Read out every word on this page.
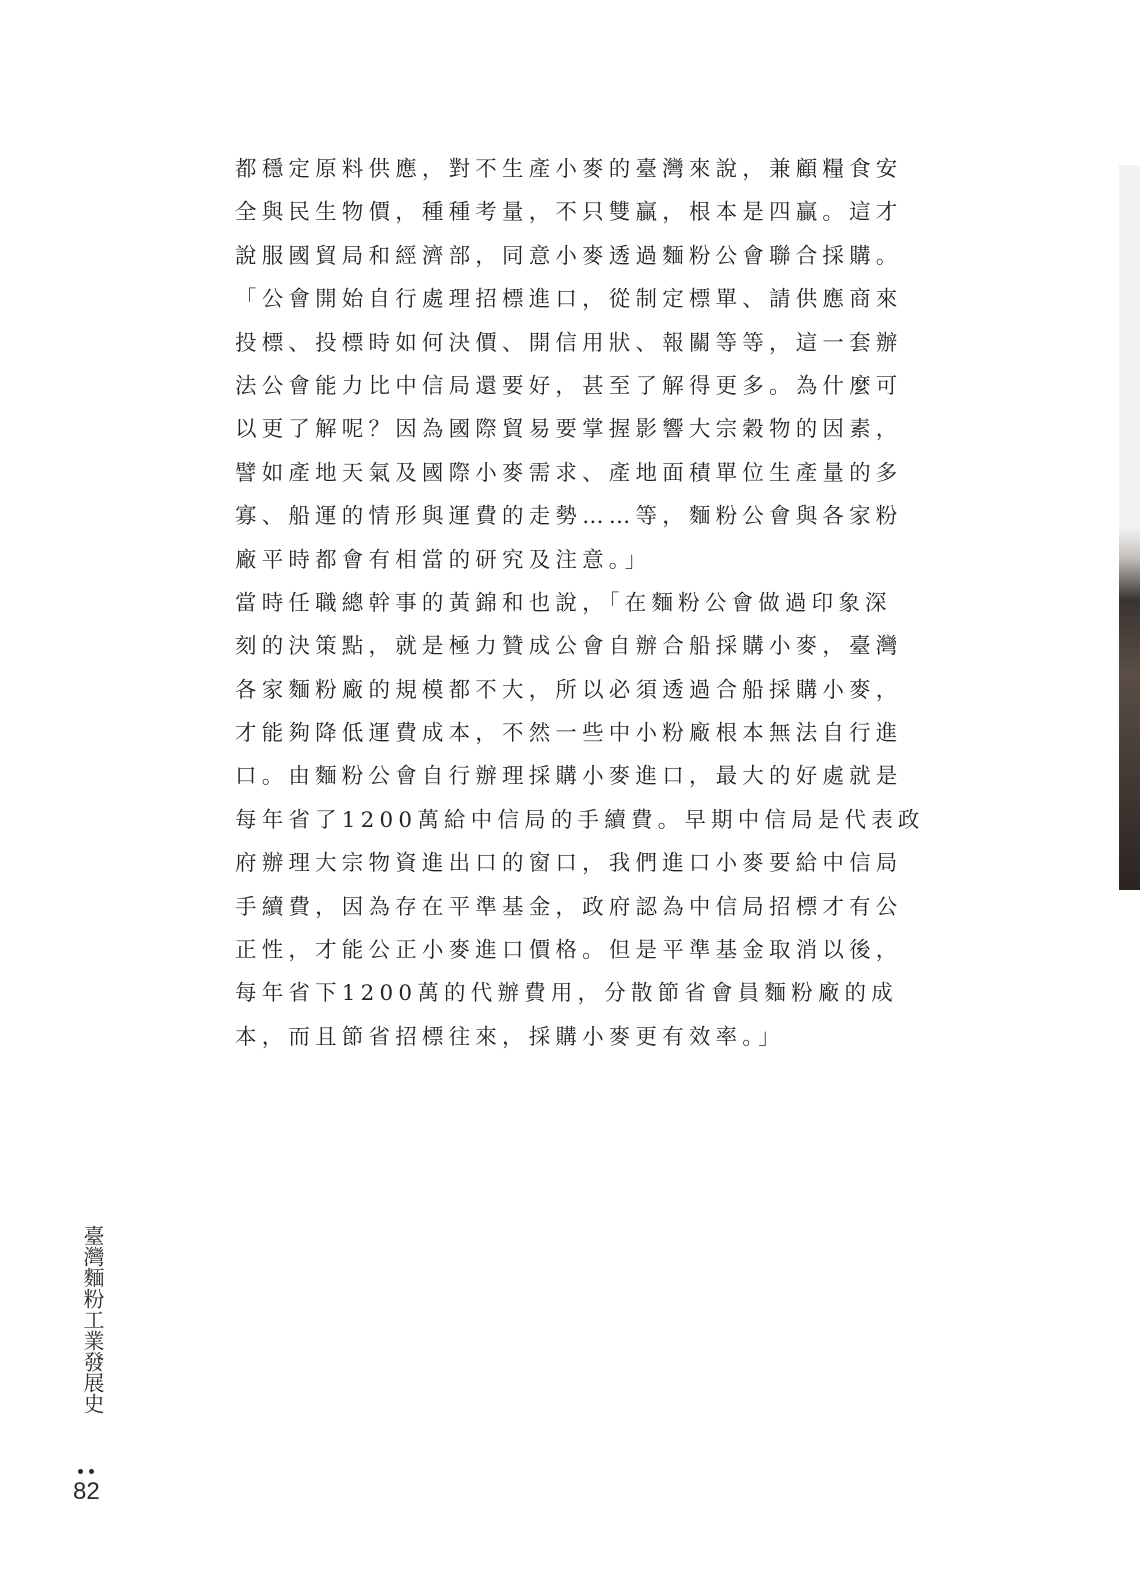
都穩定原料供應，對不生產小麥的臺灣來說，兼顧糧食安
全與民生物價，種種考量，不只雙贏，根本是四贏。這才
說服國貿局和經濟部，同意小麥透過麵粉公會聯合採購。
「公會開始自行處理招標進口，從制定標單、請供應商來
投標、投標時如何決價、開信用狀、報關等等，這一套辦
法公會能力比中信局還要好，甚至了解得更多。為什麼可
以更了解呢？因為國際貿易要掌握影響大宗穀物的因素，
譬如產地天氣及國際小麥需求、產地面積單位生產量的多
寡、船運的情形與運費的走勢……等，麵粉公會與各家粉
廠平時都會有相當的研究及注意。」
當時任職總幹事的黃錦和也說，「在麵粉公會做過印象深
刻的決策點，就是極力贊成公會自辦合船採購小麥，臺灣
各家麵粉廠的規模都不大，所以必須透過合船採購小麥，
才能夠降低運費成本，不然一些中小粉廠根本無法自行進
口。由麵粉公會自行辦理採購小麥進口，最大的好處就是
每年省了1200萬給中信局的手續費。早期中信局是代表政
府辦理大宗物資進出口的窗口，我們進口小麥要給中信局
手續費，因為存在平準基金，政府認為中信局招標才有公
正性，才能公正小麥進口價格。但是平準基金取消以後，
每年省下1200萬的代辦費用，分散節省會員麵粉廠的成
本，而且節省招標往來，採購小麥更有效率。」
臺灣麵粉工業發展史
82
